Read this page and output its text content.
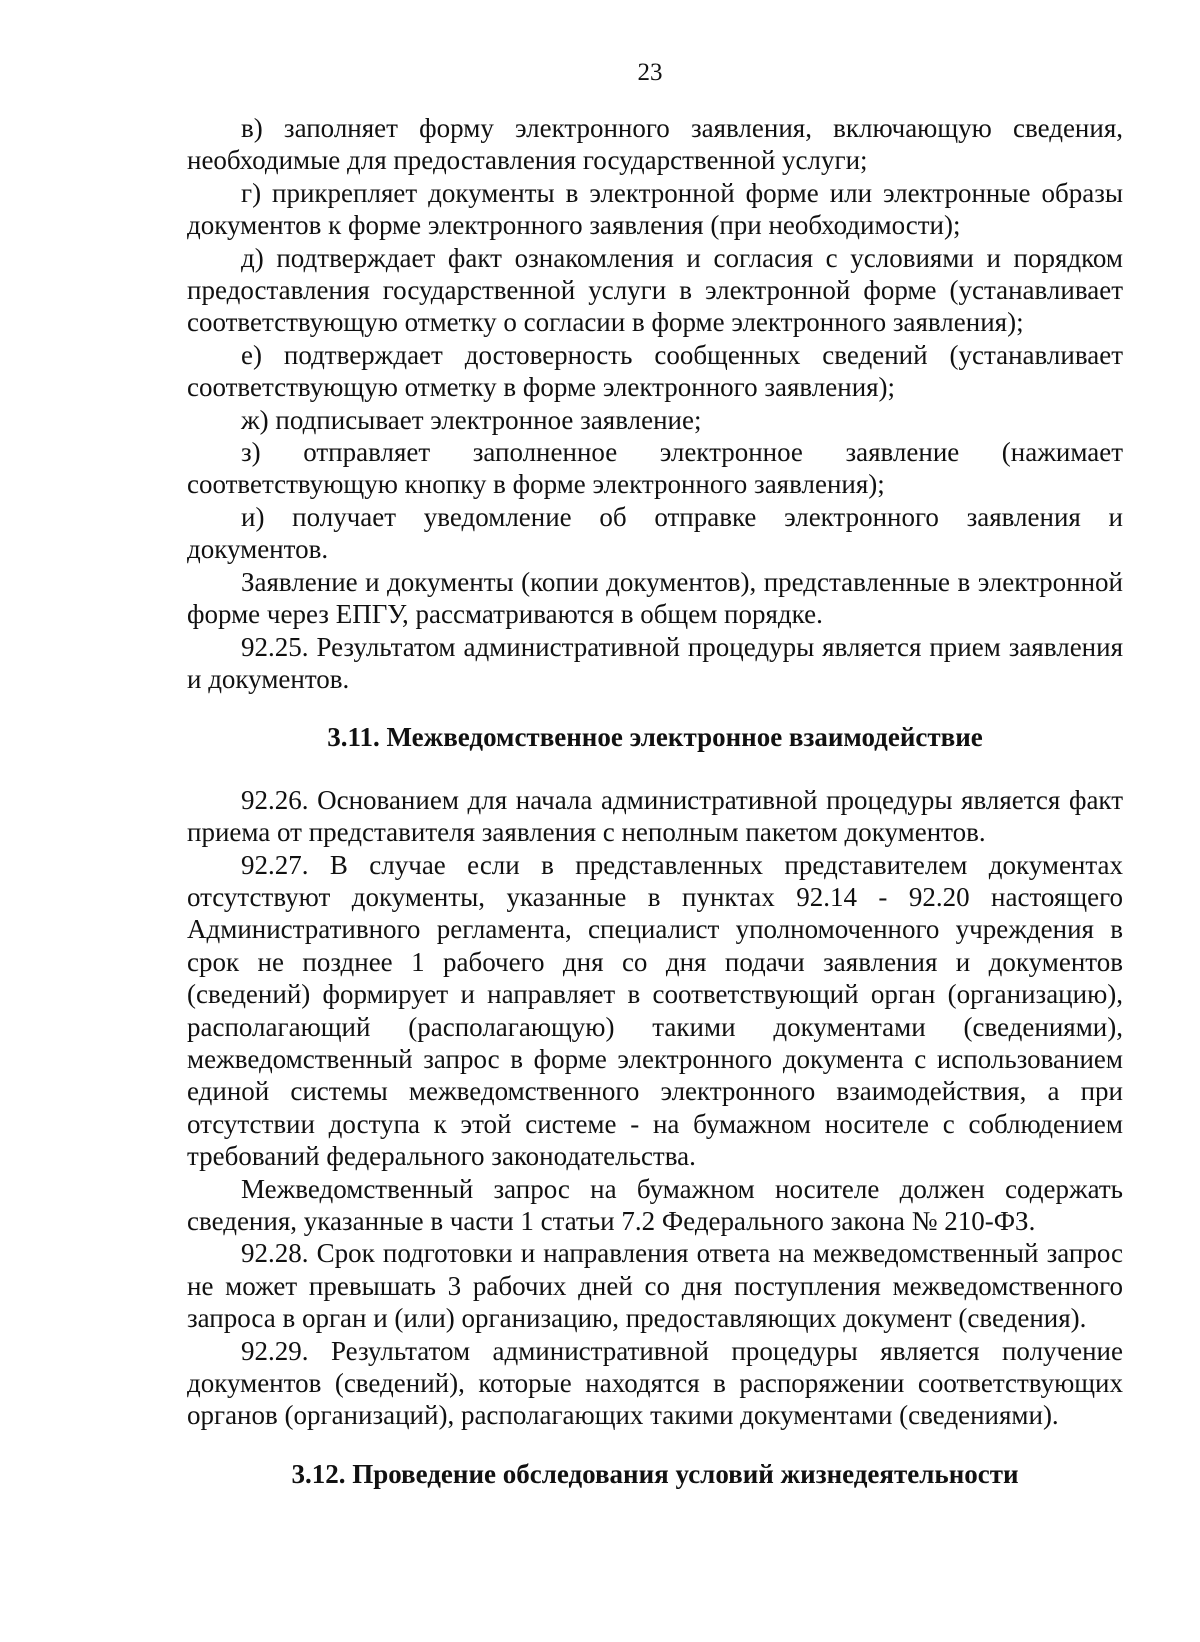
23

в) заполняет форму электронного заявления, включающую сведения, необходимые для предоставления государственной услуги;

г) прикрепляет документы в электронной форме или электронные образы документов к форме электронного заявления (при необходимости);

д) подтверждает факт ознакомления и согласия с условиями и порядком предоставления государственной услуги в электронной форме (устанавливает соответствующую отметку о согласии в форме электронного заявления);

е) подтверждает достоверность сообщенных сведений (устанавливает соответствующую отметку в форме электронного заявления);

ж) подписывает электронное заявление;

з) отправляет заполненное электронное заявление (нажимает соответствующую кнопку в форме электронного заявления);

и) получает уведомление об отправке электронного заявления и документов.

Заявление и документы (копии документов), представленные в электронной форме через ЕПГУ, рассматриваются в общем порядке.

92.25. Результатом административной процедуры является прием заявления и документов.

3.11. Межведомственное электронное взаимодействие

92.26. Основанием для начала административной процедуры является факт приема от представителя заявления с неполным пакетом документов.

92.27. В случае если в представленных представителем документах отсутствуют документы, указанные в пунктах 92.14 - 92.20 настоящего Административного регламента, специалист уполномоченного учреждения в срок не позднее 1 рабочего дня со дня подачи заявления и документов (сведений) формирует и направляет в соответствующий орган (организацию), располагающий (располагающую) такими документами (сведениями), межведомственный запрос в форме электронного документа с использованием единой системы межведомственного электронного взаимодействия, а при отсутствии доступа к этой системе - на бумажном носителе с соблюдением требований федерального законодательства.

Межведомственный запрос на бумажном носителе должен содержать сведения, указанные в части 1 статьи 7.2 Федерального закона № 210-ФЗ.

92.28. Срок подготовки и направления ответа на межведомственный запрос не может превышать 3 рабочих дней со дня поступления межведомственного запроса в орган и (или) организацию, предоставляющих документ (сведения).

92.29. Результатом административной процедуры является получение документов (сведений), которые находятся в распоряжении соответствующих органов (организаций), располагающих такими документами (сведениями).

3.12. Проведение обследования условий жизнедеятельности
